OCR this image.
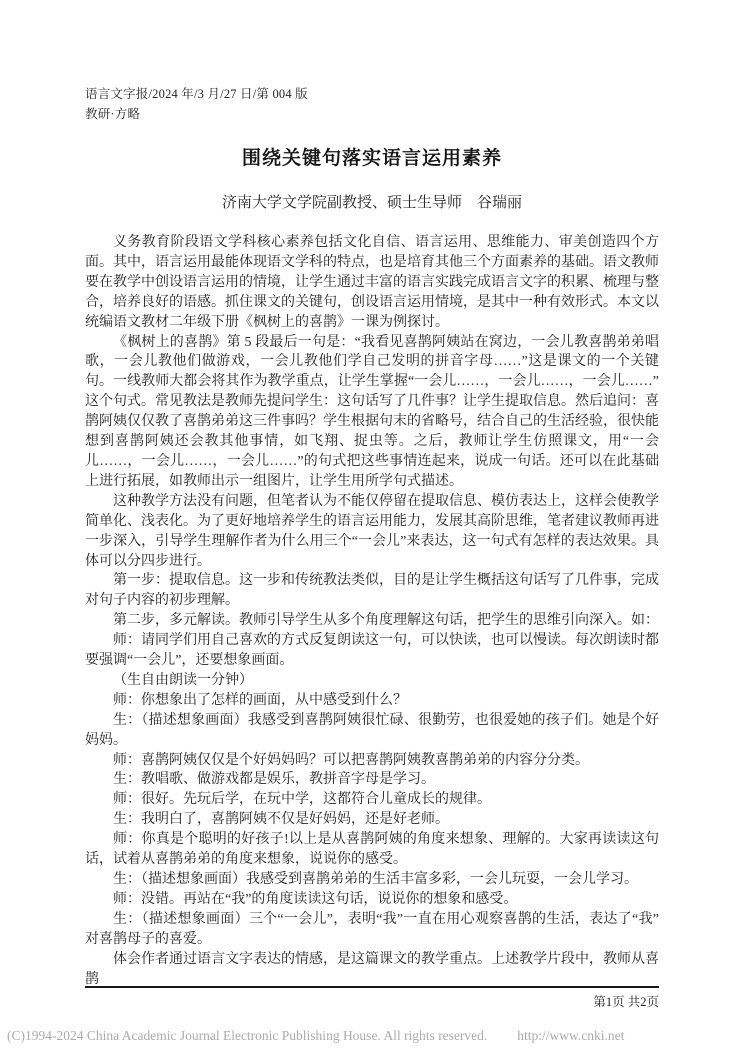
语言文字报/2024 年/3 月/27 日/第 004 版
教研·方略
围绕关键句落实语言运用素养
济南大学文学院副教授、硕士生导师　谷瑞丽

义务教育阶段语文学科核心素养包括文化自信、语言运用、思维能力、审美创造四个方面。其中，语言运用最能体现语文学科的特点，也是培育其他三个方面素养的基础。语文教师要在教学中创设语言运用的情境，让学生通过丰富的语言实践完成语言文字的积累、梳理与整合，培养良好的语感。抓住课文的关键句，创设语言运用情境，是其中一种有效形式。本文以统编语文教材二年级下册《枫树上的喜鹊》一课为例探讨。

《枫树上的喜鹊》第 5 段最后一句是：“我看见喜鹊阿姨站在窝边，一会儿教喜鹊弟弟唱歌，一会儿教他们做游戏，一会儿教他们学自己发明的拼音字母……”这是课文的一个关键句。一线教师大都会将其作为教学重点，让学生掌握“一会儿……，一会儿……，一会儿……”这个句式。常见教法是教师先提问学生：这句话写了几件事？让学生提取信息。然后追问：喜鹊阿姨仅仅教了喜鹊弟弟这三件事吗？学生根据句末的省略号，结合自己的生活经验，很快能想到喜鹊阿姨还会教其他事情，如飞翔、捉虫等。之后，教师让学生仿照课文，用“一会儿……，一会儿……，一会儿……”的句式把这些事情连起来，说成一句话。还可以在此基础上进行拓展，如教师出示一组图片，让学生用所学句式描述。

这种教学方法没有问题，但笔者认为不能仅停留在提取信息、模仿表达上，这样会使教学简单化、浅表化。为了更好地培养学生的语言运用能力，发展其高阶思维，笔者建议教师再进一步深入，引导学生理解作者为什么用三个“一会儿”来表达，这一句式有怎样的表达效果。具体可以分四步进行。

第一步：提取信息。这一步和传统教法类似，目的是让学生概括这句话写了几件事，完成对句子内容的初步理解。

第二步，多元解读。教师引导学生从多个角度理解这句话，把学生的思维引向深入。如：

师：请同学们用自己喜欢的方式反复朗读这一句，可以快读，也可以慢读。每次朗读时都要强调“一会儿”，还要想象画面。

（生自由朗读一分钟）

师：你想象出了怎样的画面，从中感受到什么？

生：（描述想象画面）我感受到喜鹊阿姨很忙碌、很勤劳，也很爱她的孩子们。她是个好妈妈。

师：喜鹊阿姨仅仅是个好妈妈吗？可以把喜鹊阿姨教喜鹊弟弟的内容分分类。

生：教唱歌、做游戏都是娱乐，教拼音字母是学习。

师：很好。先玩后学，在玩中学，这都符合儿童成长的规律。

生：我明白了，喜鹊阿姨不仅是好妈妈，还是好老师。

师：你真是个聪明的好孩子!以上是从喜鹊阿姨的角度来想象、理解的。大家再读读这句话，试着从喜鹊弟弟的角度来想象，说说你的感受。

生：（描述想象画面）我感受到喜鹊弟弟的生活丰富多彩，一会儿玩耍，一会儿学习。

师：没错。再站在“我”的角度读读这句话，说说你的想象和感受。

生：（描述想象画面）三个“一会儿”，表明“我”一直在用心观察喜鹊的生活，表达了“我”对喜鹊母子的喜爱。

体会作者通过语言文字表达的情感，是这篇课文的教学重点。上述教学片段中，教师从喜鹊

第1页 共2页
(C)1994-2024 China Academic Journal Electronic Publishing House. All rights reserved. http://www.cnki.net
